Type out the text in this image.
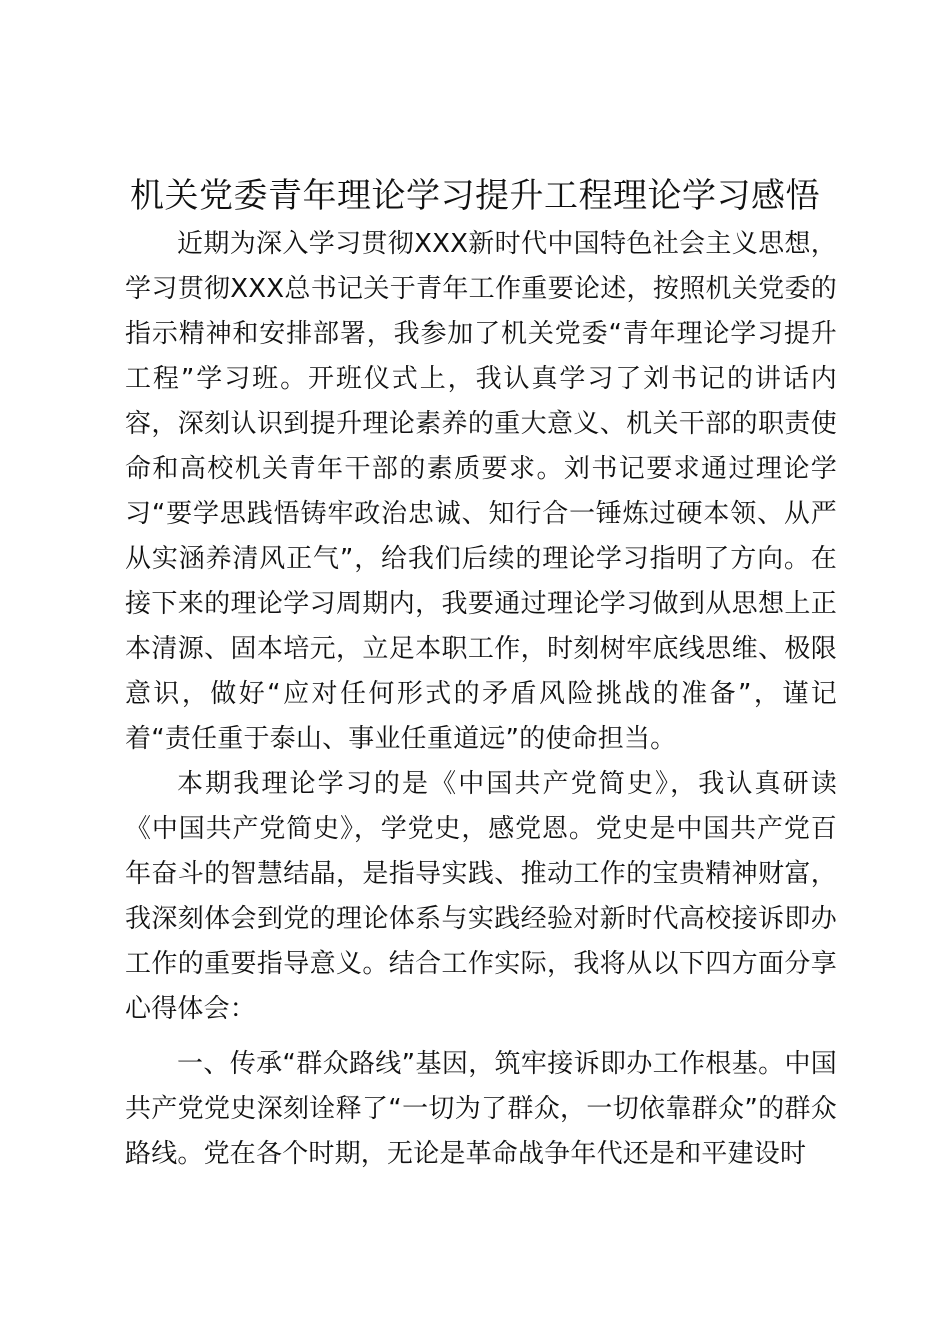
机关党委青年理论学习提升工程理论学习感悟

近期为深入学习贯彻XXX新时代中国特色社会主义思想，学习贯彻XXX总书记关于青年工作重要论述，按照机关党委的指示精神和安排部署，我参加了机关党委“青年理论学习提升工程”学习班。开班仪式上，我认真学习了刘书记的讲话内容，深刻认识到提升理论素养的重大意义、机关干部的职责使命和高校机关青年干部的素质要求。刘书记要求通过理论学习“要学思践悟铸牢政治忠诚、知行合一锤炼过硬本领、从严从实涵养清风正气”，给我们后续的理论学习指明了方向。在接下来的理论学习周期内，我要通过理论学习做到从思想上正本清源、固本培元，立足本职工作，时刻树牢底线思维、极限意识，做好“应对任何形式的矛盾风险挑战的准备”，谨记着“责任重于泰山、事业任重道远”的使命担当。

本期我理论学习的是《中国共产党简史》，我认真研读《中国共产党简史》，学党史，感党恩。党史是中国共产党百年奋斗的智慧结晶，是指导实践、推动工作的宝贵精神财富，我深刻体会到党的理论体系与实践经验对新时代高校接诉即办工作的重要指导意义。结合工作实际，我将从以下四方面分享心得体会：

一、传承“群众路线”基因，筑牢接诉即办工作根基。中国共产党党史深刻诠释了“一切为了群众，一切依靠群众”的群众路线。党在各个时期，无论是革命战争年代还是和平建设时
